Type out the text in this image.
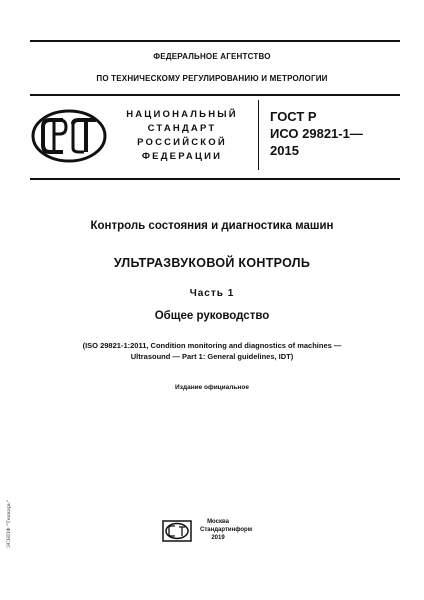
ФЕДЕРАЛЬНОЕ АГЕНТСТВО
ПО ТЕХНИЧЕСКОМУ РЕГУЛИРОВАНИЮ И МЕТРОЛОГИИ
НАЦИОНАЛЬНЫЙ
СТАНДАРТ
РОССИЙСКОЙ
ФЕДЕРАЦИИ
ГОСТ Р
ИСО 29821-1—
2015
Контроль состояния и диагностика машин
УЛЬТРАЗВУКОВОЙ КОНТРОЛЬ
Часть 1
Общее руководство
(ISO 29821-1:2011, Condition monitoring and diagnostics of machines —
Ultrasound — Part 1: General guidelines, IDT)
Издание официальное
Москва
Стандартинформ
2019
ЭСНПФ "Технарь"
